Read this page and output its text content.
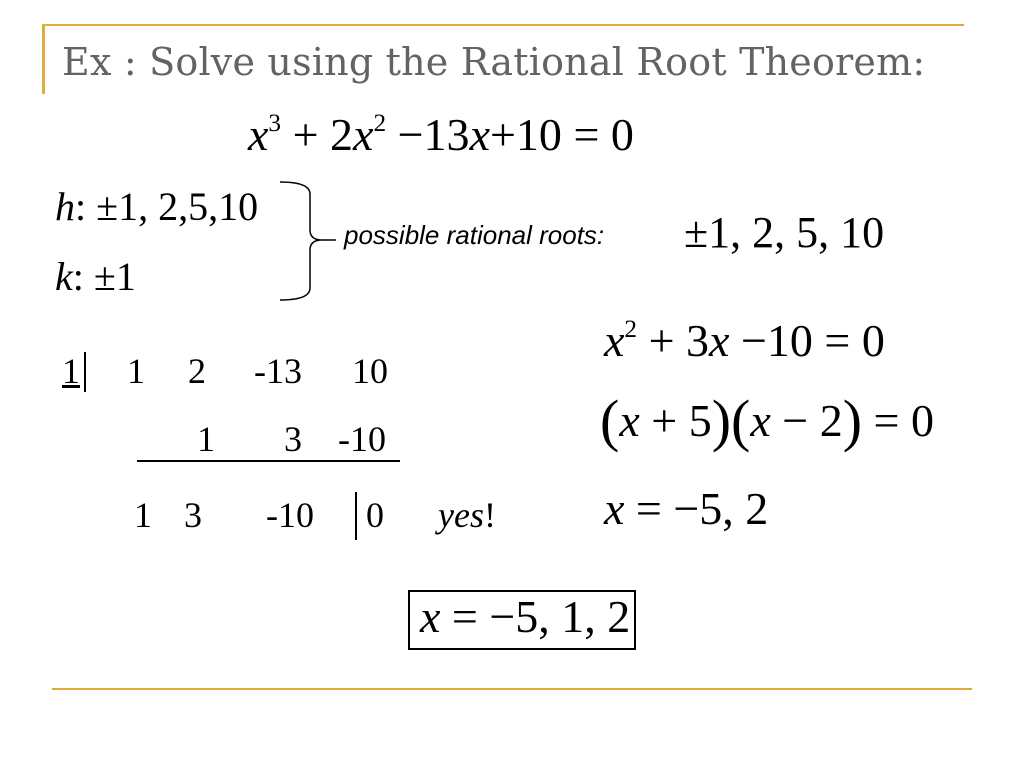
Ex : Solve using the Rational Root Theorem:
$x^3 + 2x^2 -13x+10 = 0$
h: ±1, 2,5,10
k: ±1
possible rational roots: ±1, 2, 5, 10
1 1 2 -13 10
1 3 -10
1 3 -10 0 yes!
$x^2 + 3x -10 = 0$
(x + 5)(x − 2) = 0
x = −5, 2
x = −5, 1, 2
